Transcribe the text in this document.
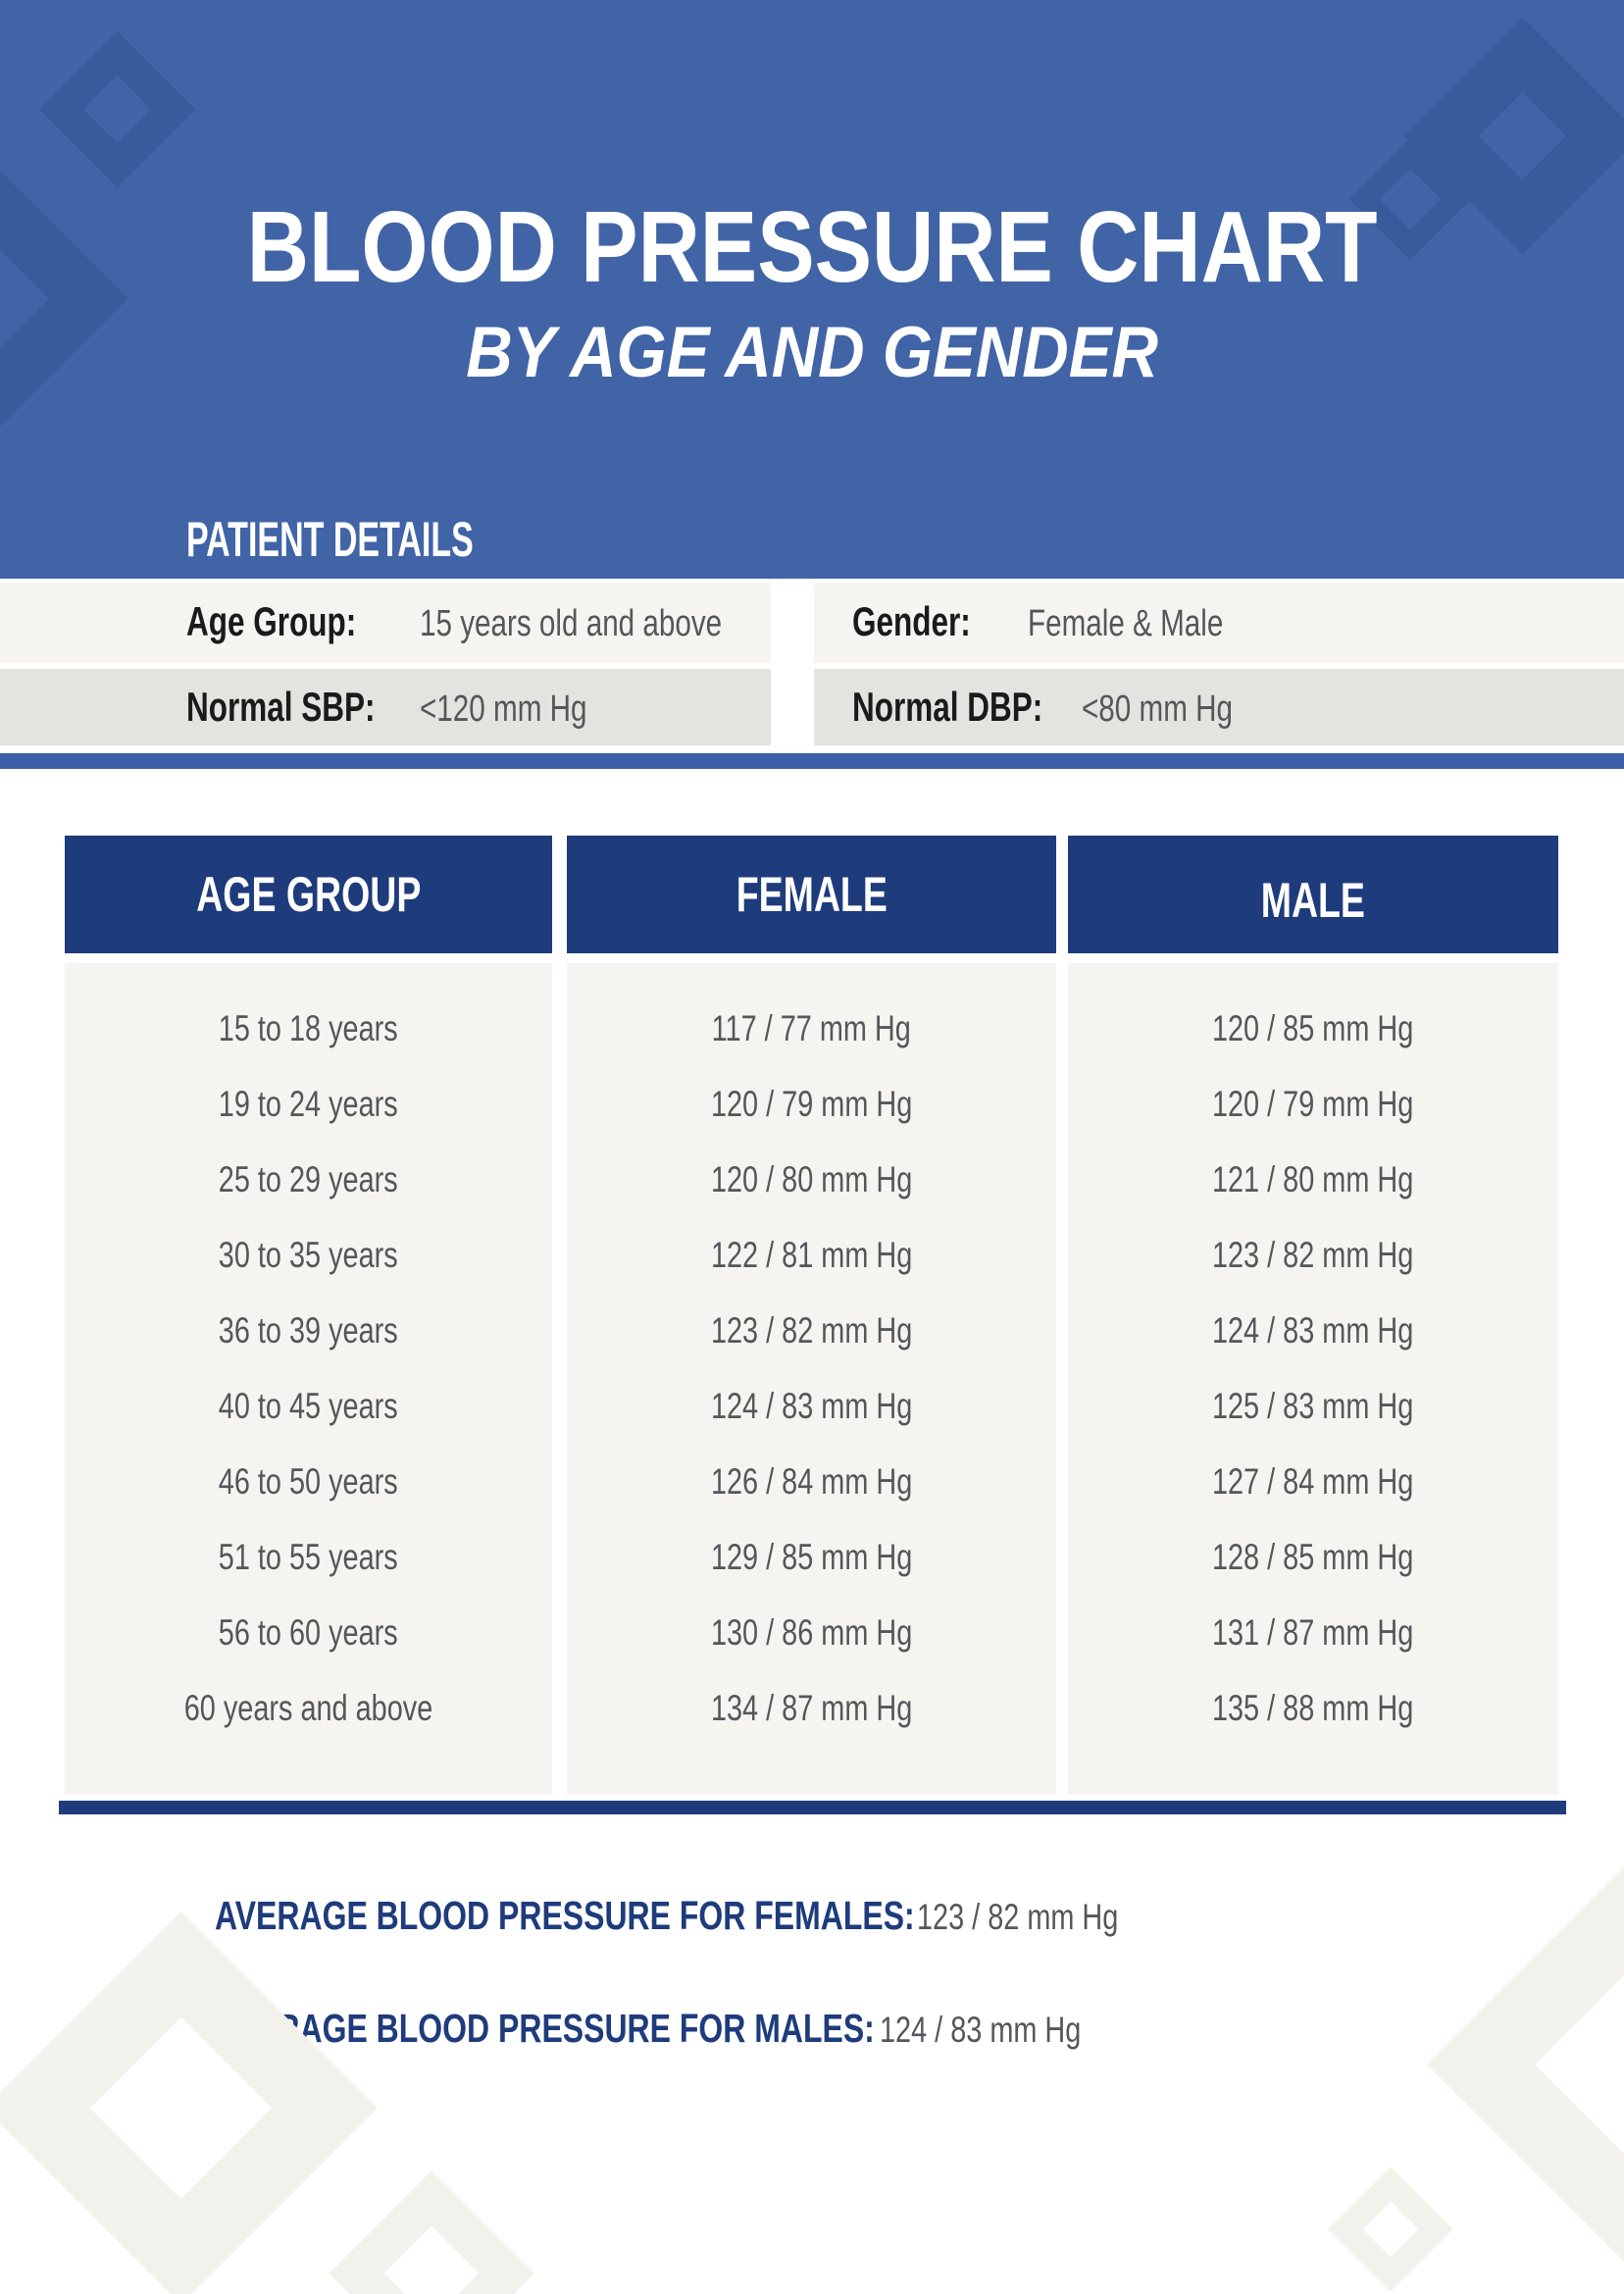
BLOOD PRESSURE CHART
BY AGE AND GENDER
PATIENT DETAILS
Age Group:	15 years old and above	Gender:	Female & Male
Normal SBP:	<120 mm Hg	Normal DBP:	<80 mm Hg
AGE GROUP	FEMALE	MALE
15 to 18 years	117 / 77 mm Hg	120 / 85 mm Hg
19 to 24 years	120 / 79 mm Hg	120 / 79 mm Hg
25 to 29 years	120 / 80 mm Hg	121 / 80 mm Hg
30 to 35 years	122 / 81 mm Hg	123 / 82 mm Hg
36 to 39 years	123 / 82 mm Hg	124 / 83 mm Hg
40 to 45 years	124 / 83 mm Hg	125 / 83 mm Hg
46 to 50 years	126 / 84 mm Hg	127 / 84 mm Hg
51 to 55 years	129 / 85 mm Hg	128 / 85 mm Hg
56 to 60 years	130 / 86 mm Hg	131 / 87 mm Hg
60 years and above	134 / 87 mm Hg	135 / 88 mm Hg
AVERAGE BLOOD PRESSURE FOR FEMALES: 123 / 82 mm Hg
AVERAGE BLOOD PRESSURE FOR MALES: 124 / 83 mm Hg
